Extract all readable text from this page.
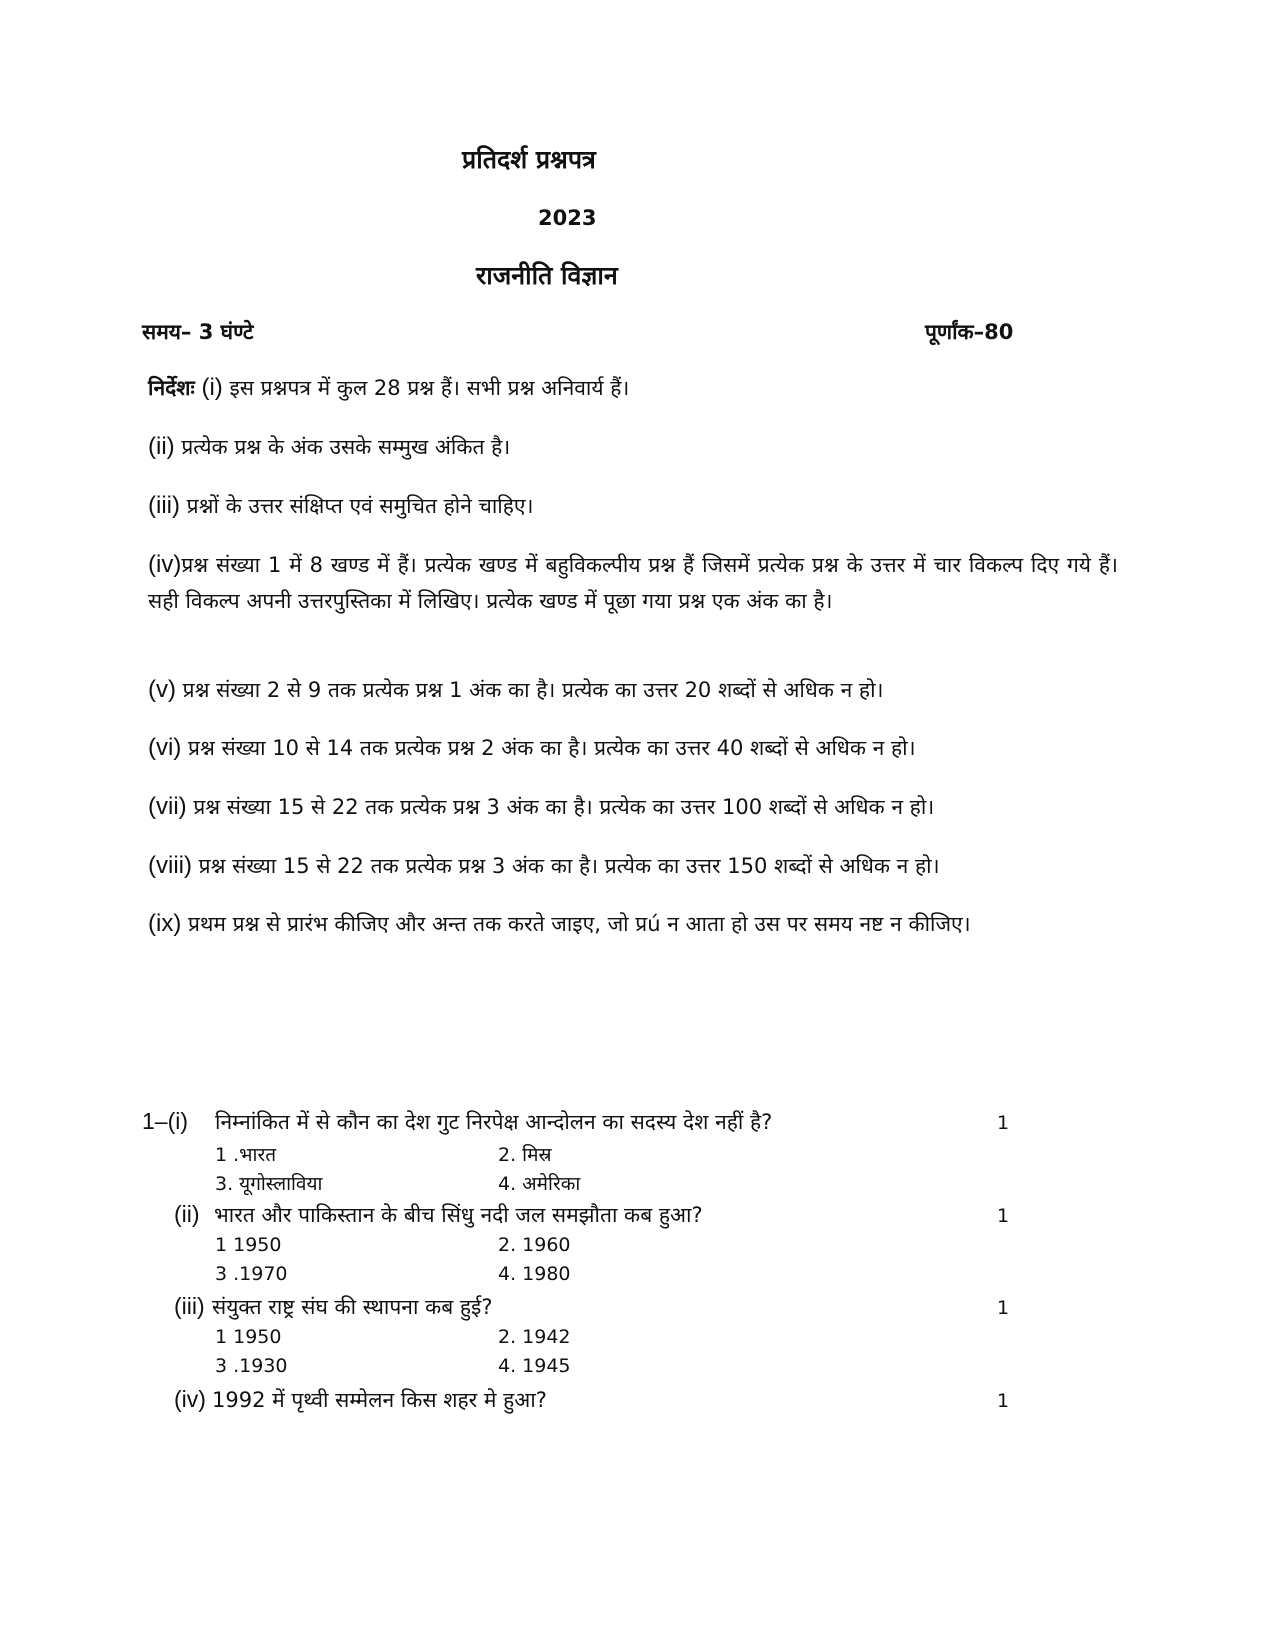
प्रतिदर्श प्रश्नपत्र
2023
राजनीति विज्ञान
समय– 3 घंण्टे	पूर्णांक–80
निर्देशः (i) इस प्रश्नपत्र में कुल 28 प्रश्न हैं। सभी प्रश्न अनिवार्य हैं।
(ii) प्रत्येक प्रश्न के अंक उसके सम्मुख अंकित है।
(iii) प्रश्नों के उत्तर संक्षिप्त एवं समुचित होने चाहिए।
(iv)प्रश्न संख्या 1 में 8 खण्ड में हैं। प्रत्येक खण्ड में बहुविकल्पीय प्रश्न हैं जिसमें प्रत्येक प्रश्न के उत्तर में चार विकल्प दिए गये हैं। सही विकल्प अपनी उत्तरपुस्तिका में लिखिए। प्रत्येक खण्ड में पूछा गया प्रश्न एक अंक का है।
(v) प्रश्न संख्या 2 से 9 तक प्रत्येक प्रश्न 1 अंक का है। प्रत्येक का उत्तर 20 शब्दों से अधिक न हो।
(vi) प्रश्न संख्या 10 से 14 तक प्रत्येक प्रश्न 2 अंक का है। प्रत्येक का उत्तर 40 शब्दों से अधिक न हो।
(vii) प्रश्न संख्या 15 से 22 तक प्रत्येक प्रश्न 3 अंक का है। प्रत्येक का उत्तर 100 शब्दों से अधिक न हो।
(viii) प्रश्न संख्या 15 से 22 तक प्रत्येक प्रश्न 3 अंक का है। प्रत्येक का उत्तर 150 शब्दों से अधिक न हो।
(ix) प्रथम प्रश्न से प्रारंभ कीजिए और अन्त तक करते जाइए, जो प्रú न आता हो उस पर समय नष्ट न कीजिए।
1–(i) निम्नांकित में से कौन का देश गुट निरपेक्ष आन्दोलन का सदस्य देश नहीं है?	1
1 .भारत	2. मिस्र
3. यूगोस्लाविया	4. अमेरिका
(ii) भारत और पाकिस्तान के बीच सिंधु नदी जल समझौता कब हुआ?	1
1 1950	2. 1960
3 .1970	4. 1980
(iii) संयुक्त राष्ट्र संघ की स्थापना कब हुई?	1
1 1950	2. 1942
3 .1930	4. 1945
(iv) 1992 में पृथ्वी सम्मेलन किस शहर मे हुआ?	1
